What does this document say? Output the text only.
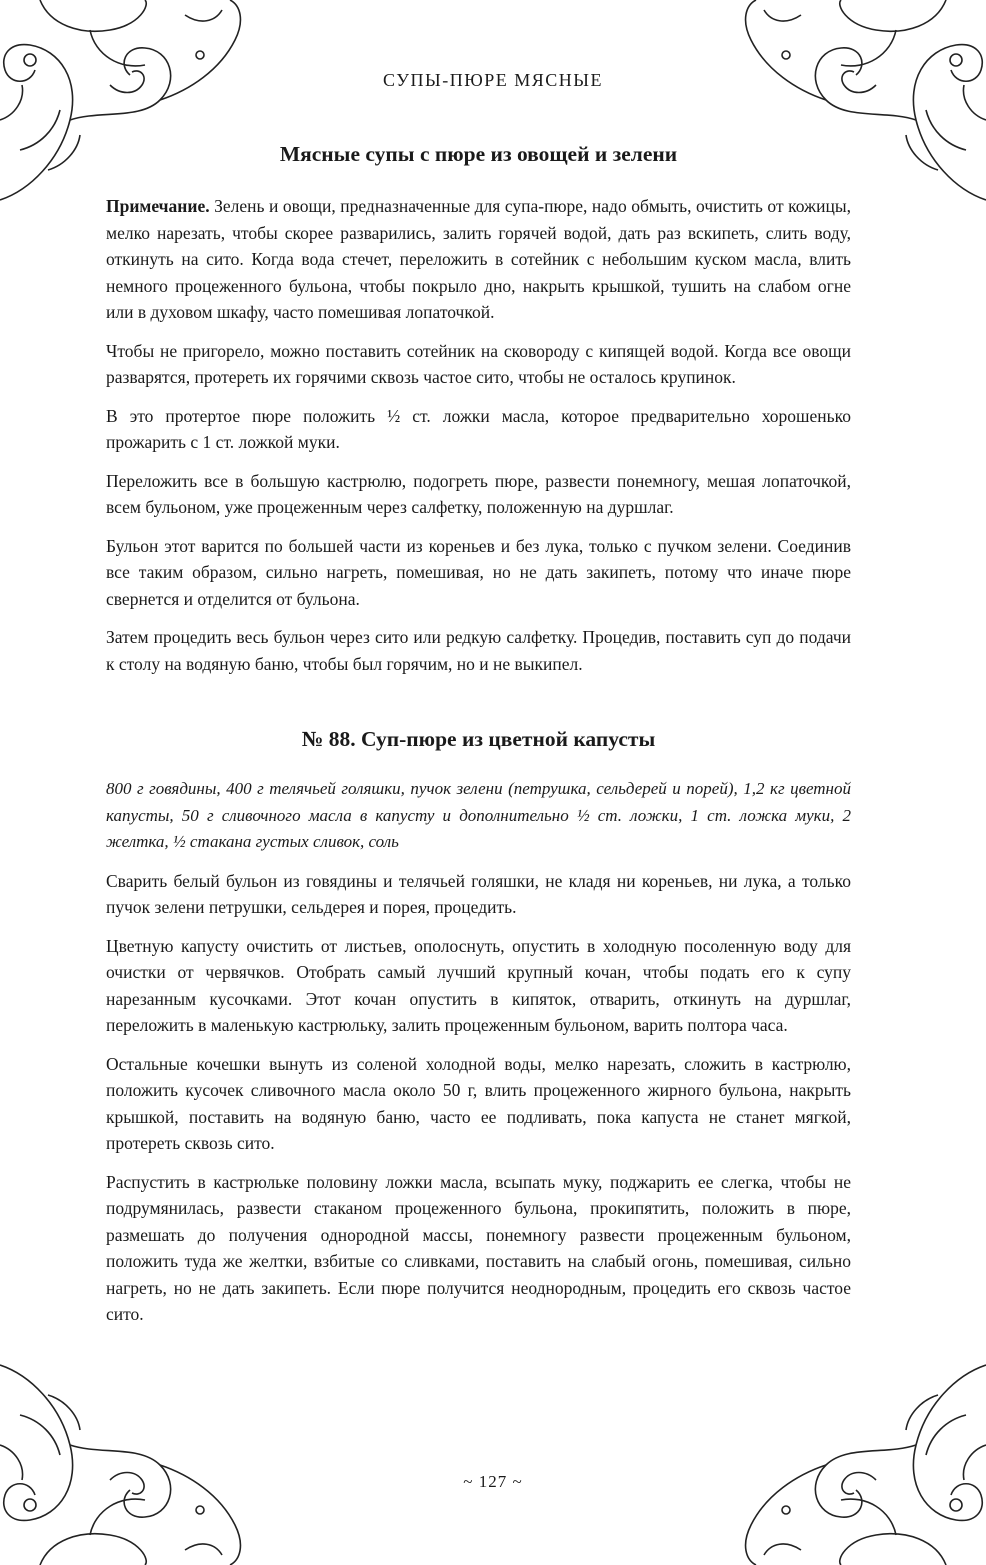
СУПЫ-ПЮРЕ МЯСНЫЕ
Мясные супы с пюре из овощей и зелени

Примечание. Зелень и овощи, предназначенные для супа-пюре, надо обмыть, очистить от кожицы, мелко нарезать, чтобы скорее разварились, залить горячей водой, дать раз вскипеть, слить воду, откинуть на сито. Когда вода стечет, переложить в сотейник с небольшим куском масла, влить немного процеженного бульона, чтобы покрыло дно, накрыть крышкой, тушить на слабом огне или в духовом шкафу, часто помешивая лопаточкой.

Чтобы не пригорело, можно поставить сотейник на сковороду с кипящей водой. Когда все овощи разварятся, протереть их горячими сквозь частое сито, чтобы не осталось крупинок.

В это протертое пюре положить ½ ст. ложки масла, которое предварительно хорошенько прожарить с 1 ст. ложкой муки.

Переложить все в большую кастрюлю, подогреть пюре, развести понемногу, мешая лопаточкой, всем бульоном, уже процеженным через салфетку, положенную на дуршлаг.

Бульон этот варится по большей части из кореньев и без лука, только с пучком зелени. Соединив все таким образом, сильно нагреть, помешивая, но не дать закипеть, потому что иначе пюре свернется и отделится от бульона.

Затем процедить весь бульон через сито или редкую салфетку. Процедив, поставить суп до подачи к столу на водяную баню, чтобы был горячим, но и не выкипел.

№ 88. Суп-пюре из цветной капусты

800 г говядины, 400 г телячьей голяшки, пучок зелени (петрушка, сельдерей и порей), 1,2 кг цветной капусты, 50 г сливочного масла в капусту и дополнительно ½ ст. ложки, 1 ст. ложка муки, 2 желтка, ½ стакана густых сливок, соль

Сварить белый бульон из говядины и телячьей голяшки, не кладя ни кореньев, ни лука, а только пучок зелени петрушки, сельдерея и порея, процедить.

Цветную капусту очистить от листьев, ополоснуть, опустить в холодную посоленную воду для очистки от червячков. Отобрать самый лучший крупный кочан, чтобы подать его к супу нарезанным кусочками. Этот кочан опустить в кипяток, отварить, откинуть на дуршлаг, переложить в маленькую кастрюльку, залить процеженным бульоном, варить полтора часа.

Остальные кочешки вынуть из соленой холодной воды, мелко нарезать, сложить в кастрюлю, положить кусочек сливочного масла около 50 г, влить процеженного жирного бульона, накрыть крышкой, поставить на водяную баню, часто ее подливать, пока капуста не станет мягкой, протереть сквозь сито.

Распустить в кастрюльке половину ложки масла, всыпать муку, поджарить ее слегка, чтобы не подрумянилась, развести стаканом процеженного бульона, прокипятить, положить в пюре, размешать до получения однородной массы, понемногу развести процеженным бульоном, положить туда же желтки, взбитые со сливками, поставить на слабый огонь, помешивая, сильно нагреть, но не дать закипеть. Если пюре получится неоднородным, процедить его сквозь частое сито.

~ 127 ~
